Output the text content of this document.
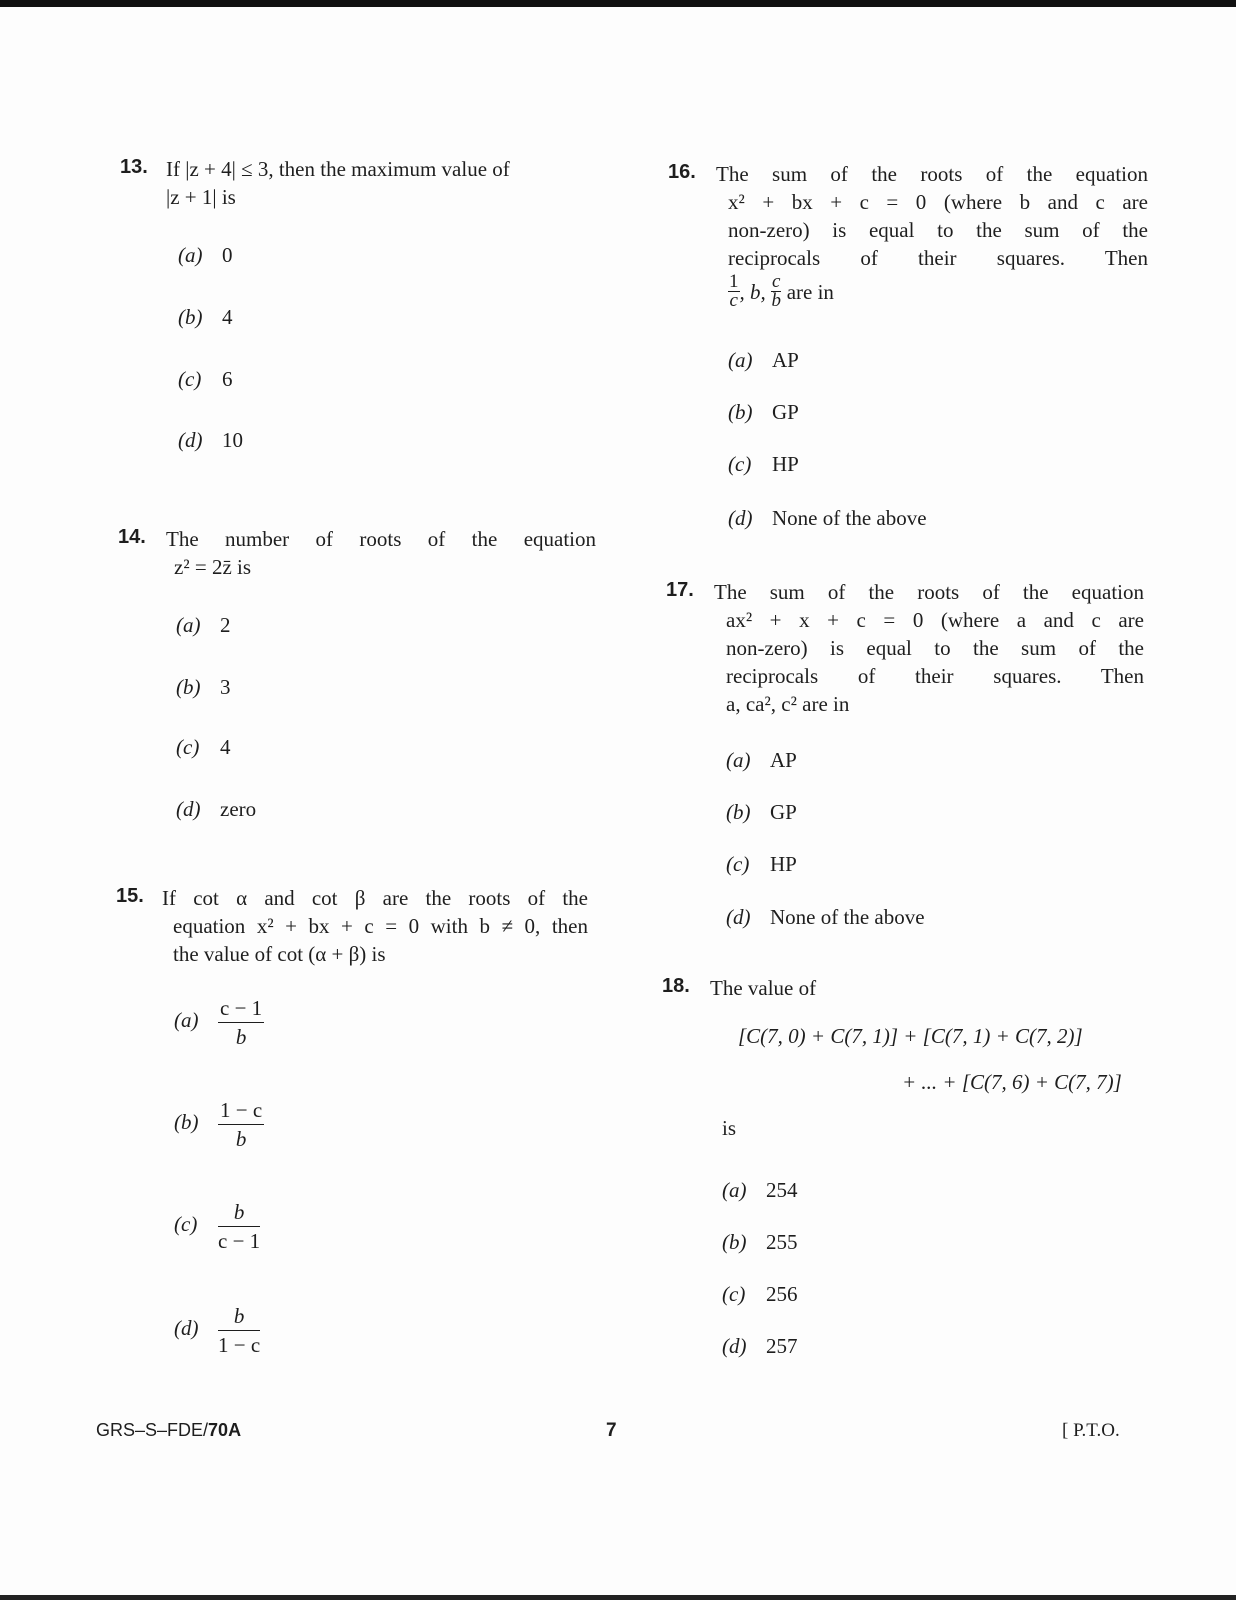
13. If |z + 4| ≤ 3, then the maximum value of
|z + 1| is
(a) 0
(b) 4
(c) 6
(d) 10
14. The number of roots of the equation
z² = 2z̄ is
(a) 2
(b) 3
(c) 4
(d) zero
15. If cot α and cot β are the roots of the
equation x² + bx + c = 0 with b ≠ 0, then
the value of cot (α + β) is
$(a) \frac{c - 1}{b}$
$(b) \frac{1 - c}{b}$
$(c) \frac{b}{c - 1}$
$(d) \frac{b}{1 - c}$
16. The sum of the roots of the equation
x² + bx + c = 0 (where b and c are
non-zero) is equal to the sum of the
reciprocals of their squares. Then
$\frac{1}{c}$ , b, $\frac{c}{b}$ are in
(a) AP
(b) GP
(c) HP
(d) None of the above
17. The sum of the roots of the equation
ax² + x + c = 0 (where a and c are
non-zero) is equal to the sum of the
reciprocals of their squares. Then
a, ca², c² are in
(a) AP
(b) GP
(c) HP
(d) None of the above
18. The value of
[C(7, 0) + C(7, 1)] + [C(7, 1) + C(7, 2)]
+ ... + [C(7, 6) + C(7, 7)]
is
(a) 254
(b) 255
(c) 256
(d) 257
GRS–S–FDE/70A	7	[ P.T.O.
